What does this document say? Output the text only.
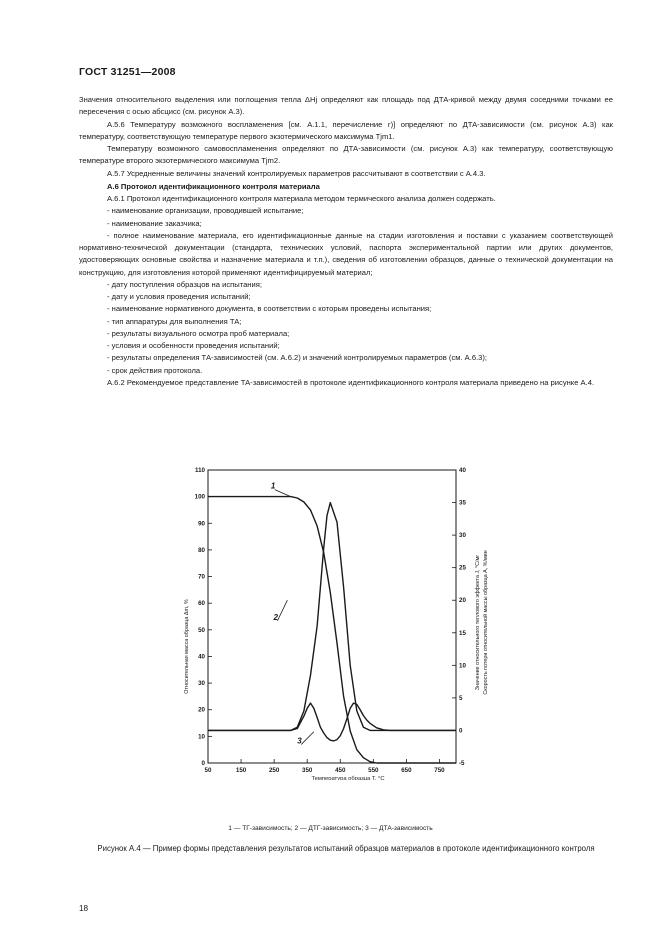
ГОСТ 31251—2008

Значения относительного выделения или поглощения тепла ΔHj определяют как площадь под ДТА-кривой между двумя соседними точками ее пересечения с осью абсцисс (см. рисунок А.3).

А.5.6 Температуру возможного воспламенения [см. А.1.1, перечисление г)] определяют по ДТА-зависимости (см. рисунок А.3) как температуру, соответствующую температуре первого экзотермического максимума Tjm1.

Температуру возможного самовоспламенения определяют по ДТА-зависимости (см. рисунок А.3) как температуру, соответствующую температуре второго экзотермического максимума Tjm2.

А.5.7 Усредненные величины значений контролируемых параметров рассчитывают в соответствии с А.4.3.

А.6 Протокол идентификационного контроля материала

А.6.1 Протокол идентификационного контроля материала методом термического анализа должен содержать.

- наименование организации, проводившей испытание;

- наименование заказчика;

- полное наименование материала, его идентификационные данные на стадии изготовления и поставки с указанием соответствующей нормативно-технической документации (стандарта, технических условий, паспорта экспериментальной партии или других документов, удостоверяющих основные свойства и назначение материала и т.п.), сведения об изготовлении образцов, данные о технической документации на конструкцию, для изготовления которой применяют идентифицируемый материал;

- дату поступления образцов на испытания;

- дату и условия проведения испытаний;

- наименование нормативного документа, в соответствии с которым проведены испытания;

- тип аппаратуры для выполнения ТА;

- результаты визуального осмотра проб материала;

- условия и особенности проведения испытаний;

- результаты определения ТА-зависимостей (см. А.6.2) и значений контролируемых параметров (см. А.6.3);

- срок действия протокола.

А.6.2 Рекомендуемое представление ТА-зависимостей в протоколе идентификационного контроля материала приведено на рисунке А.4.

0
10
20
30
40
50
60
70
80
90
100
110
-5
0
5
10
15
20
25
30
35
40
50	150	250	350	450	550	650	750
Температура образца T, °C
Относительная масса образца Δm, %	Значение относительного теплового эффекта J, °C/мг Скорость потери относительной массы образца A, %/мин
1
2
3
1 — ТГ-зависимость; 2 — ДТГ-зависимость; 3 — ДТА-зависимость
Рисунок А.4 — Пример формы представления результатов испытаний образцов материалов в протоколе идентификационного контроля
18
